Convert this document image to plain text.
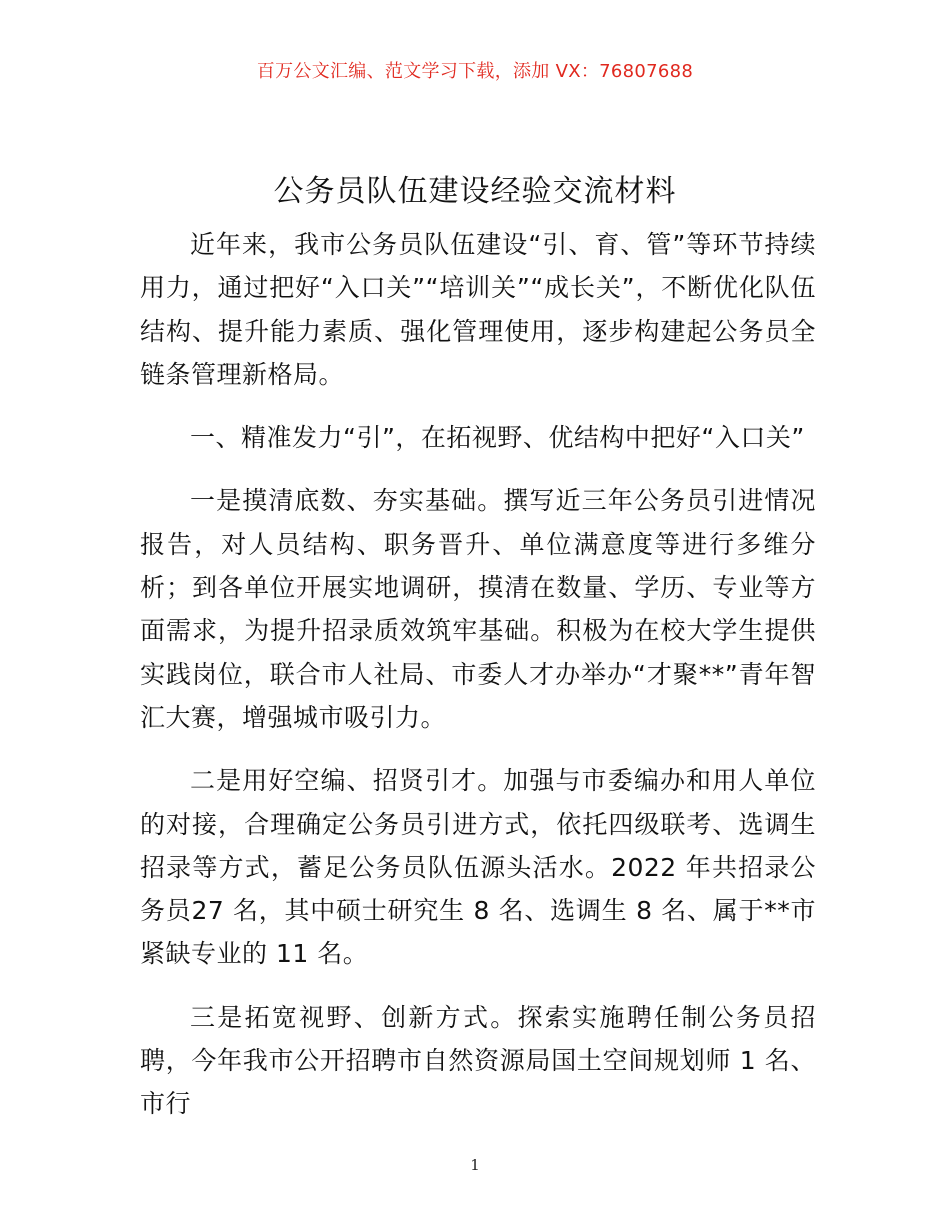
百万公文汇编、范文学习下载，添加 VX：76807688
公务员队伍建设经验交流材料

近年来，我市公务员队伍建设“引、育、管”等环节持续用力，通过把好“入口关”“培训关”“成长关”，不断优化队伍结构、提升能力素质、强化管理使用，逐步构建起公务员全链条管理新格局。

一、精准发力“引”，在拓视野、优结构中把好“入口关”

一是摸清底数、夯实基础。撰写近三年公务员引进情况报告，对人员结构、职务晋升、单位满意度等进行多维分析；到各单位开展实地调研，摸清在数量、学历、专业等方面需求，为提升招录质效筑牢基础。积极为在校大学生提供实践岗位，联合市人社局、市委人才办举办“才聚**”青年智汇大赛，增强城市吸引力。

二是用好空编、招贤引才。加强与市委编办和用人单位的对接，合理确定公务员引进方式，依托四级联考、选调生招录等方式，蓄足公务员队伍源头活水。2022 年共招录公务员27 名，其中硕士研究生 8 名、选调生 8 名、属于**市紧缺专业的 11 名。

三是拓宽视野、创新方式。探索实施聘任制公务员招聘，今年我市公开招聘市自然资源局国土空间规划师 1 名、市行

1
